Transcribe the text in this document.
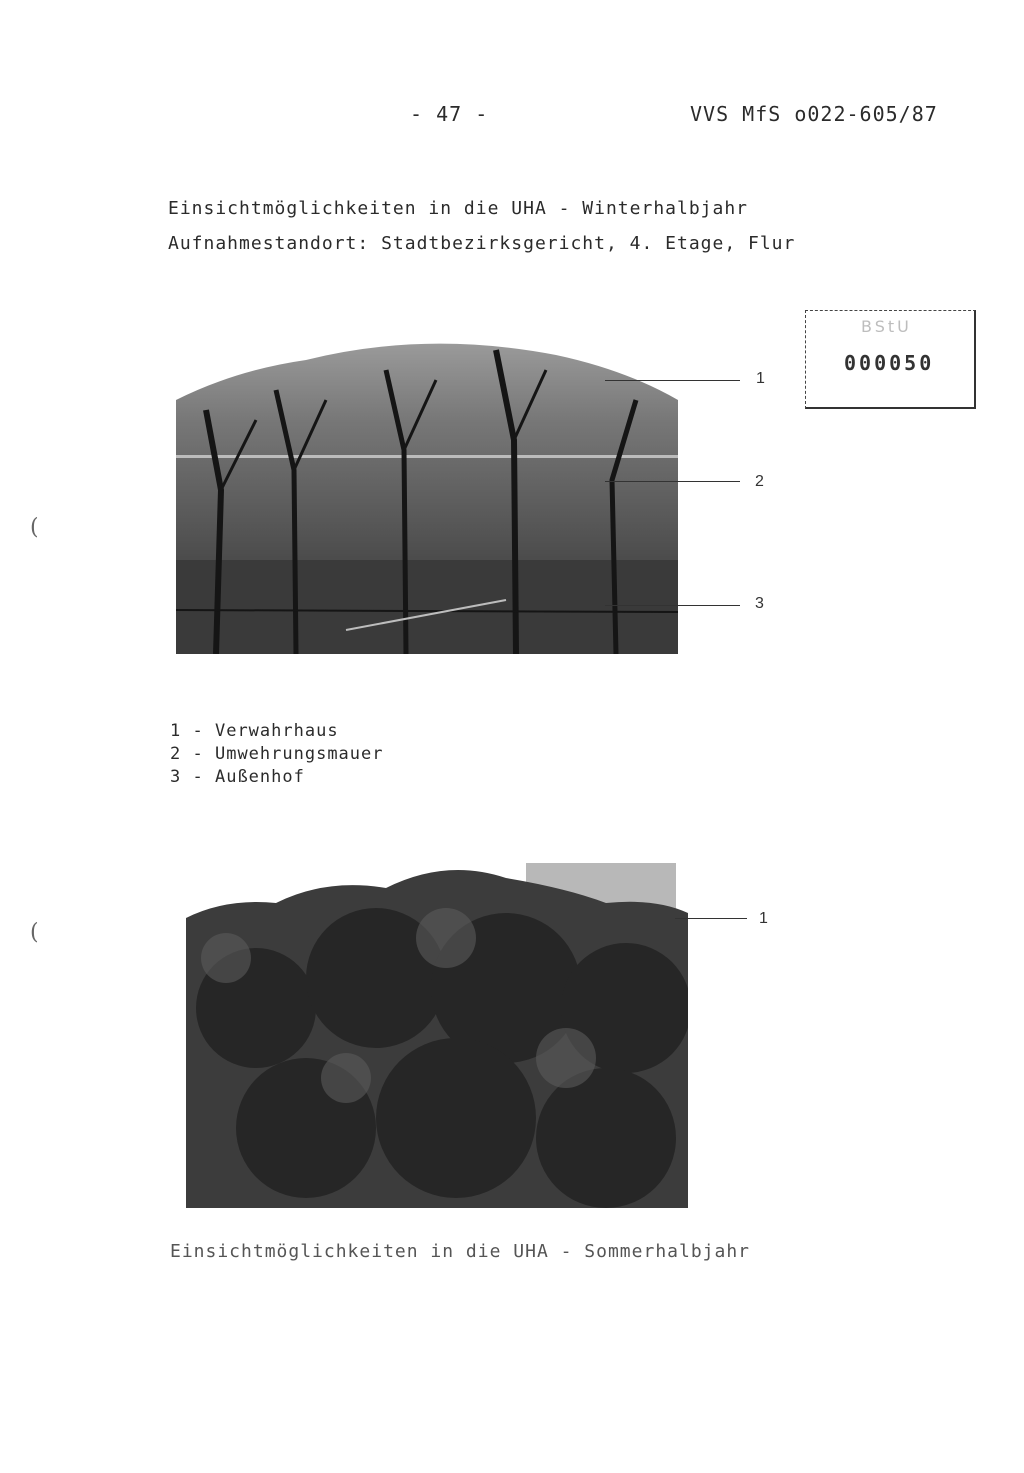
- 47 -	VVS MfS o022-605/87
Einsichtmöglichkeiten in die UHA - Winterhalbjahr
Aufnahmestandort: Stadtbezirksgericht, 4. Etage, Flur
BStU
000050
1
2
3
1 - Verwahrhaus
2 - Umwehrungsmauer
3 - Außenhof
1
Einsichtmöglichkeiten in die UHA - Sommerhalbjahr
(
(
